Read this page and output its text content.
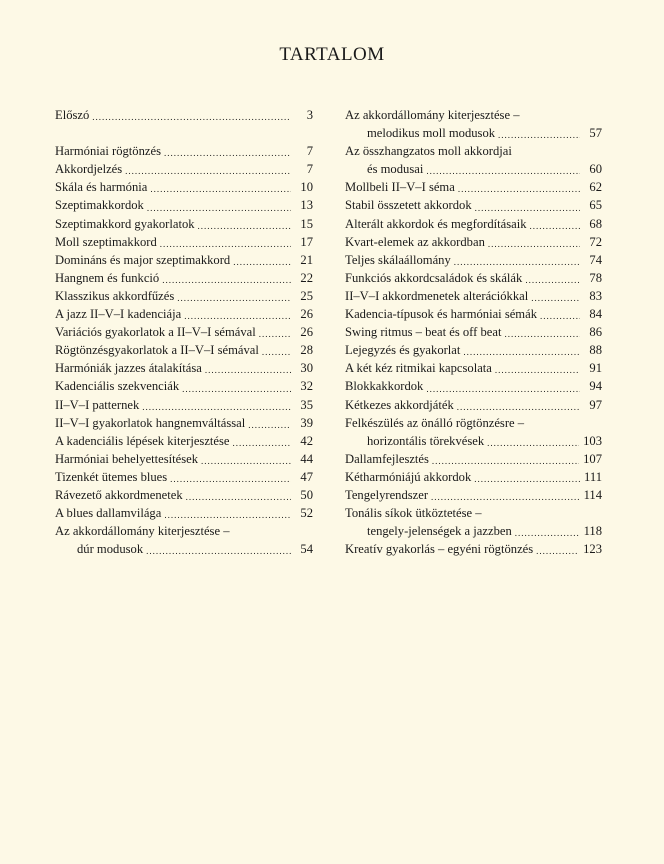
TARTALOM
Előszó .....	3
Harmóniai rögtönzés .....	7
Akkordjelzés .....	7
Skála és harmónia .....	10
Szeptimakkordok .....	13
Szeptimakkord gyakorlatok .....	15
Moll szeptimakkord .....	17
Domináns és major szeptimakkord .....	21
Hangnem és funkció .....	22
Klasszikus akkordfűzés .....	25
A jazz II–V–I kadenciája .....	26
Variációs gyakorlatok a II–V–I sémával .....	26
Rögtönzésgyakorlatok a II–V–I sémával .....	28
Harmóniák jazzes átalakítása .....	30
Kadenciális szekvenciák .....	32
II–V–I patternek .....	35
II–V–I gyakorlatok hangnemváltással .....	39
A kadenciális lépések kiterjesztése .....	42
Harmóniai behelyettesítések .....	44
Tizenkét ütemes blues .....	47
Rávezető akkordmenetek .....	50
A blues dallamvilága .....	52
Az akkordállomány kiterjesztése –
dúr modusok .....	54
Az akkordállomány kiterjesztése –
melodikus moll modusok .....	57
Az összhangzatos moll akkordjai
és modusai .....	60
Mollbeli II–V–I séma .....	62
Stabil összetett akkordok .....	65
Alterált akkordok és megfordításaik .....	68
Kvart-elemek az akkordban .....	72
Teljes skálaállomány .....	74
Funkciós akkordcsaládok és skálák .....	78
II–V–I akkordmenetek alterációkkal .....	83
Kadencia-típusok és harmóniai sémák .....	84
Swing ritmus – beat és off beat .....	86
Lejegyzés és gyakorlat .....	88
A két kéz ritmikai kapcsolata .....	91
Blokkakkordok .....	94
Kétkezes akkordjáték .....	97
Felkészülés az önálló rögtönzésre –
horizontális törekvések .....	103
Dallamfejlesztés .....	107
Kétharmóniájú akkordok .....	111
Tengelyrendszer .....	114
Tonális síkok ütköztetése –
tengely-jelenségek a jazzben .....	118
Kreatív gyakorlás – egyéni rögtönzés .....	123
